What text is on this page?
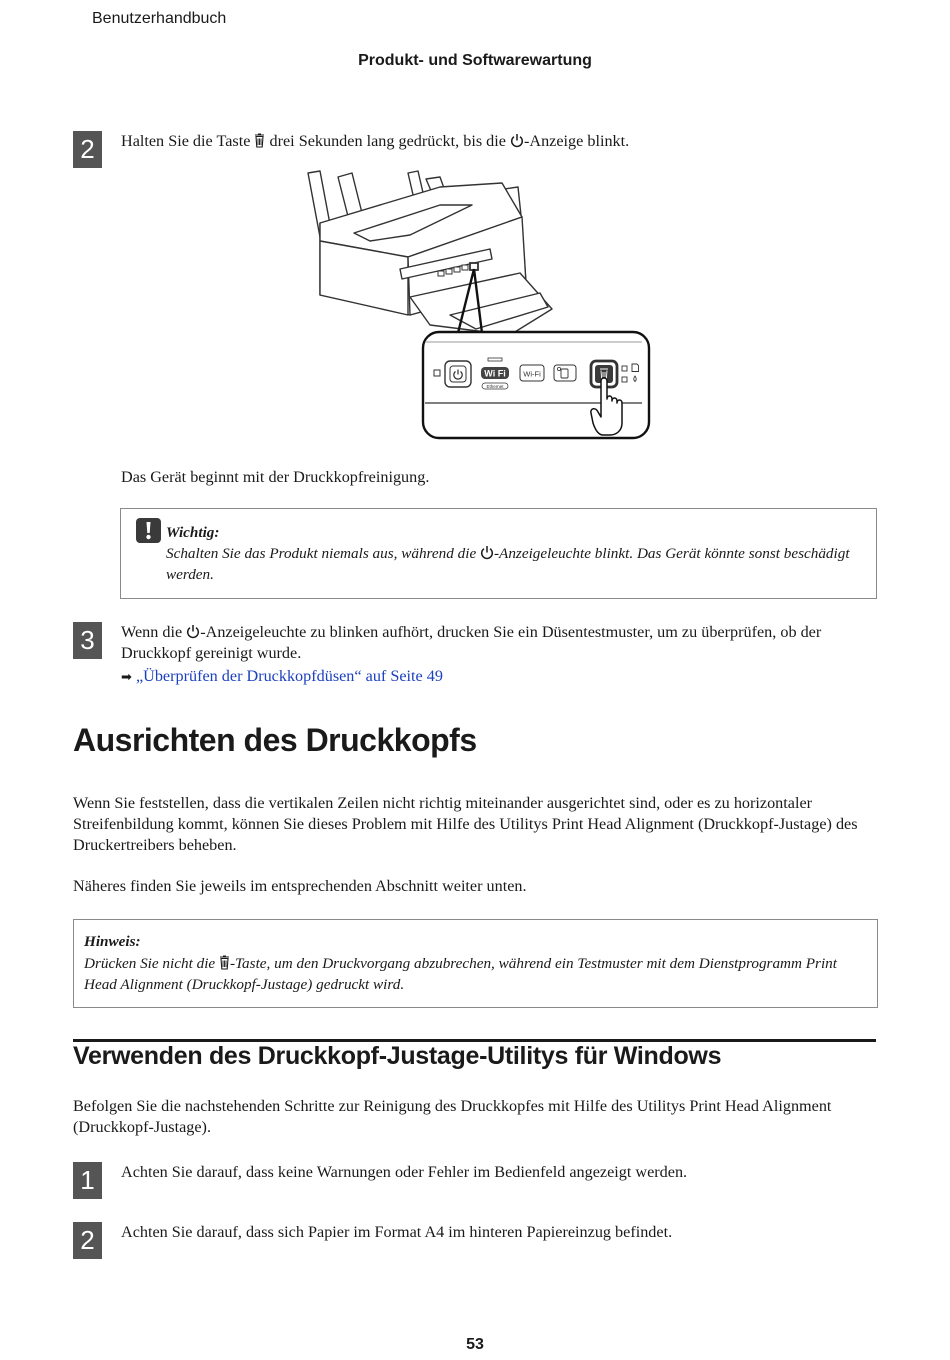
Benutzerhandbuch
Produkt- und Softwarewartung
2	Halten Sie die Taste  drei Sekunden lang gedrückt, bis die -Anzeige blinkt.
Wi Fi
Ethernet
Wi-Fi
Das Gerät beginnt mit der Druckkopfreinigung.
Wichtig:
Schalten Sie das Produkt niemals aus, während die -Anzeigeleuchte blinkt. Das Gerät könnte sonst beschädigt werden.
3	Wenn die -Anzeigeleuchte zu blinken aufhört, drucken Sie ein Düsentestmuster, um zu überprüfen, ob der Druckkopf gereinigt wurde.
➡ „Überprüfen der Druckkopfdüsen“ auf Seite 49
Ausrichten des Druckkopfs
Wenn Sie feststellen, dass die vertikalen Zeilen nicht richtig miteinander ausgerichtet sind, oder es zu horizontaler Streifenbildung kommt, können Sie dieses Problem mit Hilfe des Utilitys Print Head Alignment (Druckkopf-Justage) des Druckertreibers beheben.
Näheres finden Sie jeweils im entsprechenden Abschnitt weiter unten.
Hinweis:
Drücken Sie nicht die -Taste, um den Druckvorgang abzubrechen, während ein Testmuster mit dem Dienstprogramm Print Head Alignment (Druckkopf-Justage) gedruckt wird.
Verwenden des Druckkopf-Justage-Utilitys für Windows
Befolgen Sie die nachstehenden Schritte zur Reinigung des Druckkopfes mit Hilfe des Utilitys Print Head Alignment (Druckkopf-Justage).
1	Achten Sie darauf, dass keine Warnungen oder Fehler im Bedienfeld angezeigt werden.
2	Achten Sie darauf, dass sich Papier im Format A4 im hinteren Papiereinzug befindet.
53
